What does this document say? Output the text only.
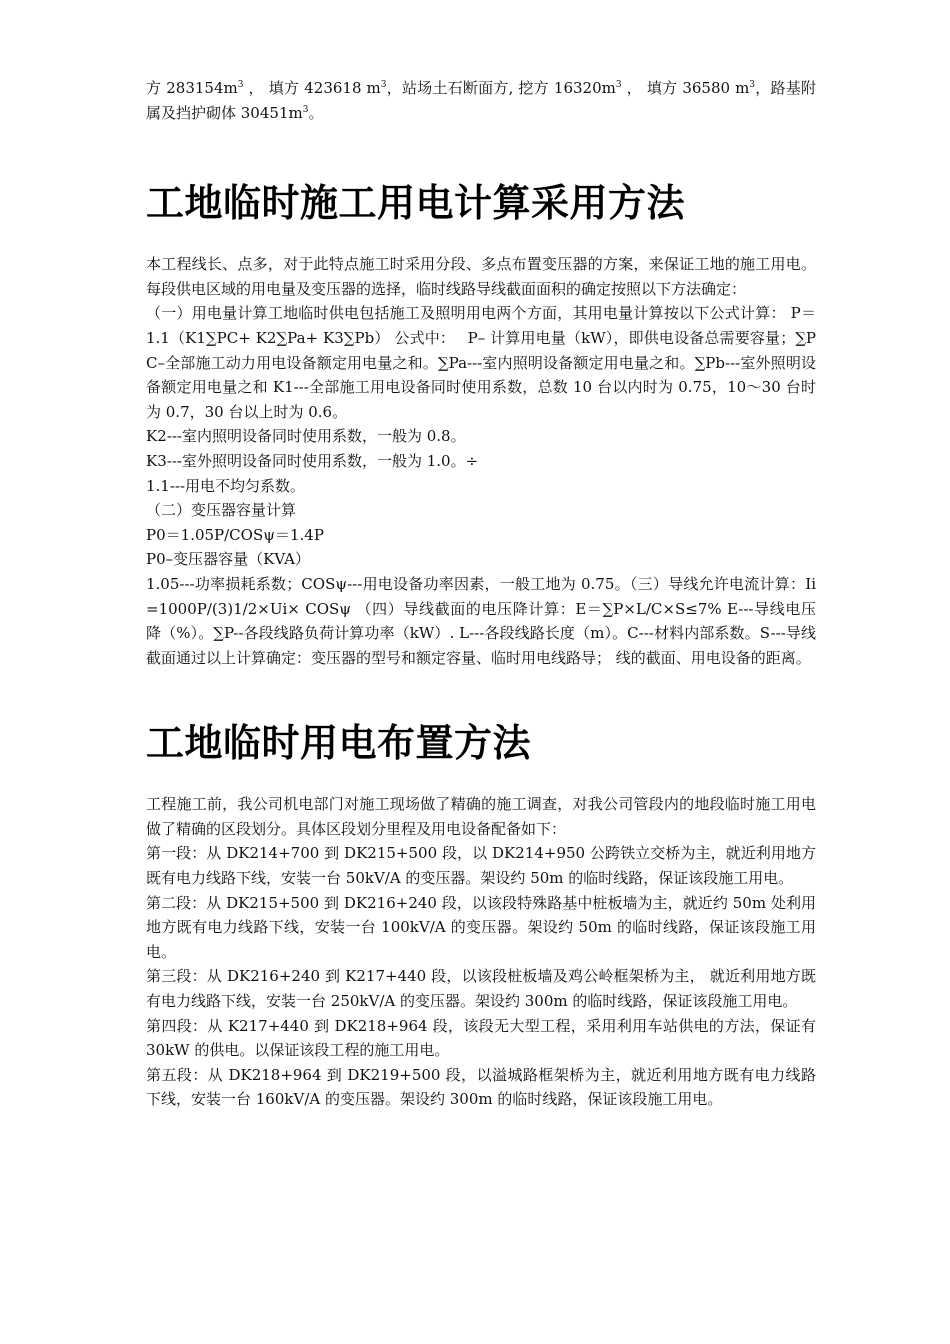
方 $283154m^3$ ， 填方 423618 $m^3$，站场土石断面方, 挖方 $16320m^3$ ， 填方 36580 $m^3$，路基附属及挡护砌体 $30451m^3$。

工地临时施工用电计算采用方法

本工程线长、点多，对于此特点施工时采用分段、多点布置变压器的方案，来保证工地的施工用电。每段供电区域的用电量及变压器的选择，临时线路导线截面面积的确定按照以下方法确定：

（一）用电量计算工地临时供电包括施工及照明用电两个方面，其用电量计算按以下公式计算： P＝1.1（K1∑PC+ K2∑Pa+ K3∑Pb） 公式中：　 P– 计算用电量（kW），即供电设备总需要容量；∑PC–全部施工动力用电设备额定用电量之和。∑Pa---室内照明设备额定用电量之和。∑Pb---室外照明设备额定用电量之和 K1---全部施工用电设备同时使用系数，总数 10 台以内时为 0.75，10～30 台时为 0.7，30 台以上时为 0.6。

K2---室内照明设备同时使用系数，一般为 0.8。

K3---室外照明设备同时使用系数，一般为 1.0。÷

1.1---用电不均匀系数。

（二）变压器容量计算

P0＝1.05P/COSψ＝1.4P

P0–变压器容量（KVA）

1.05---功率损耗系数；COSψ---用电设备功率因素，一般工地为 0.75。（三）导线允许电流计算：Ii=1000P/(3)1/2×Ui× COSψ （四）导线截面的电压降计算：E＝∑P×L/C×S≤7% E---导线电压降（%）。∑P--各段线路负荷计算功率（kW）. L---各段线路长度（m）。C---材料内部系数。S---导线截面通过以上计算确定：变压器的型号和额定容量、临时用电线路导； 线的截面、用电设备的距离。

工地临时用电布置方法

工程施工前，我公司机电部门对施工现场做了精确的施工调查，对我公司管段内的地段临时施工用电做了精确的区段划分。具体区段划分里程及用电设备配备如下：

第一段：从 DK214+700 到 DK215+500 段，以 DK214+950 公跨铁立交桥为主，就近利用地方既有电力线路下线，安装一台 50kV/A 的变压器。架设约 50m 的临时线路，保证该段施工用电。

第二段：从 DK215+500 到 DK216+240 段，以该段特殊路基中桩板墙为主，就近约 50m 处利用地方既有电力线路下线，安装一台 100kV/A 的变压器。架设约 50m 的临时线路，保证该段施工用电。

第三段：从 DK216+240 到 K217+440 段，以该段桩板墙及鸡公岭框架桥为主， 就近利用地方既有电力线路下线，安装一台 250kV/A 的变压器。架设约 300m 的临时线路，保证该段施工用电。

第四段：从 K217+440 到 DK218+964 段，该段无大型工程，采用利用车站供电的方法，保证有 30kW 的供电。以保证该段工程的施工用电。

第五段：从 DK218+964 到 DK219+500 段，以溢城路框架桥为主，就近利用地方既有电力线路下线，安装一台 160kV/A 的变压器。架设约 300m 的临时线路，保证该段施工用电。
